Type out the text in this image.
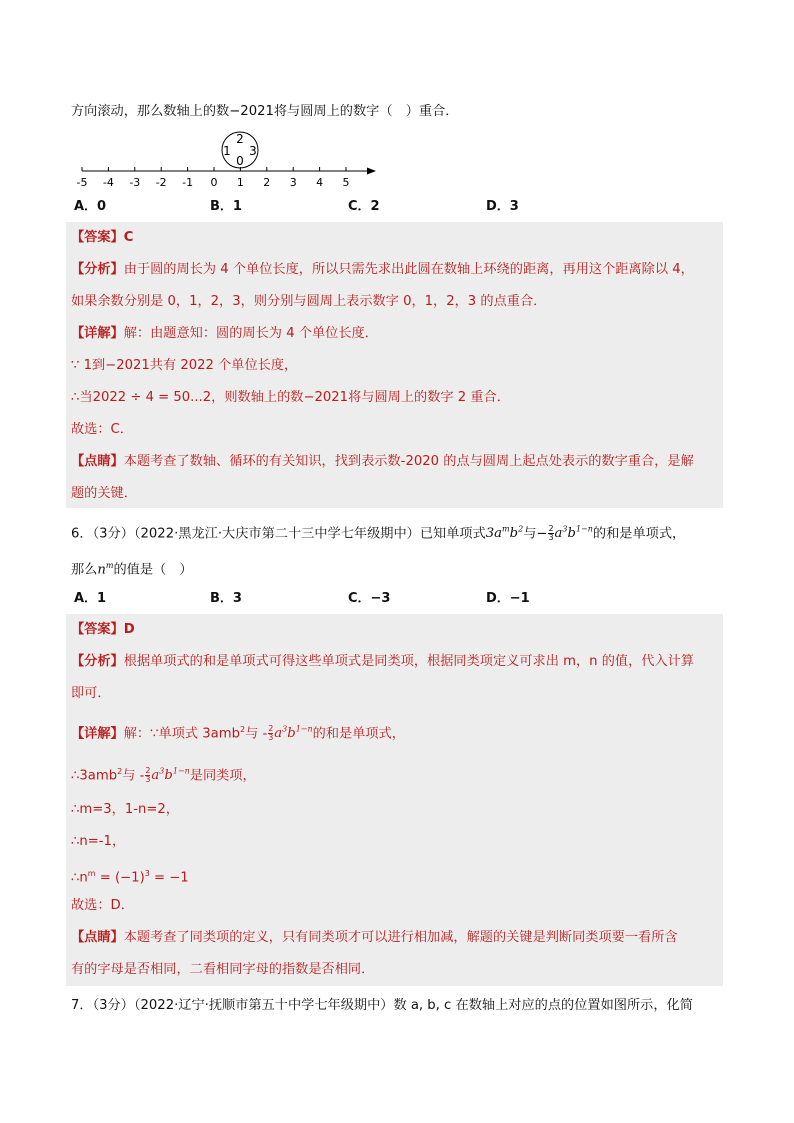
方向滚动，那么数轴上的数−2021将与圆周上的数字（　）重合．
2
1 3
0
-5 -4 -3 -2 -1 0 1 2 3 4 5
A．0	B．1	C．2	D．3
【答案】C
【分析】由于圆的周长为 4 个单位长度，所以只需先求出此圆在数轴上环绕的距离，再用这个距离除以 4，
如果余数分别是 0，1，2，3，则分别与圆周上表示数字 0，1，2，3 的点重合．
【详解】解：由题意知：圆的周长为 4 个单位长度．
∵ 1到−2021共有 2022 个单位长度，
∴当2022 ÷ 4 = 50...2，则数轴上的数−2021将与圆周上的数字 2 重合．
故选：C．
【点睛】本题考查了数轴、循环的有关知识，找到表示数-2020 的点与圆周上起点处表示的数字重合，是解
题的关键．
6．（3分）（2022·黑龙江·大庆市第二十三中学七年级期中）已知单项式$3a^mb^2$与− $\frac{2}{3} a^3b^{1-n}$的和是单项式，
那么$n^m$的值是（　）
A．1	B．3	C．−3	D．−1
【答案】D
【分析】根据单项式的和是单项式可得这些单项式是同类项，根据同类项定义可求出 m，n 的值，代入计算
即可．
【详解】解：∵单项式 3amb$^2$与 - $\frac{2}{3} a^3b^{1-n}$的和是单项式，
∴3amb$^2$与 - $\frac{2}{3} a^3b^{1-n}$是同类项，
∴m=3，1-n=2，
∴n=-1，
$\therefore n^m = (-1)^3 = -1$
故选：D．
【点睛】本题考查了同类项的定义，只有同类项才可以进行相加减，解题的关键是判断同类项要一看所含
有的字母是否相同，二看相同字母的指数是否相同．
7．（3分）（2022·辽宁·抚顺市第五十中学七年级期中）数 a, b, c 在数轴上对应的点的位置如图所示，化简
